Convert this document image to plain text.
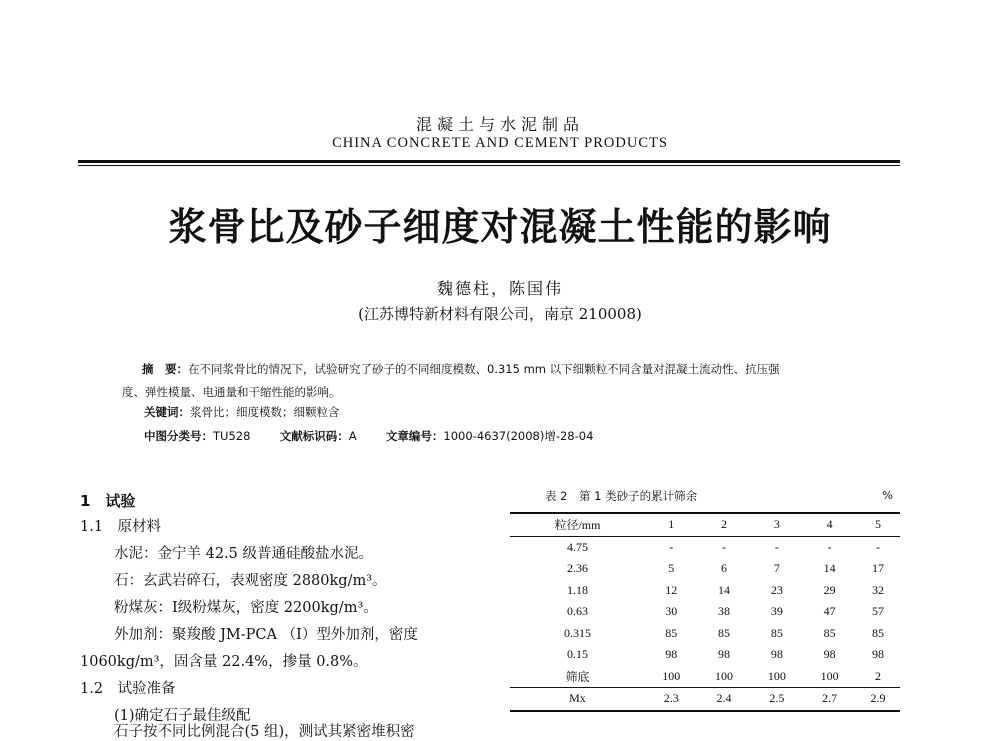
混凝土与水泥制品
CHINA CONCRETE AND CEMENT PRODUCTS
浆骨比及砂子细度对混凝土性能的影响
魏德柱，陈国伟
(江苏博特新材料有限公司，南京 210008)
摘　要：在不同浆骨比的情况下，试验研究了砂子的不同细度模数、0.315 mm 以下细颗粒不同含量对混凝土流动性、抗压强
度、弹性模量、电通量和干缩性能的影响。
关键词：浆骨比；细度模数；细颗粒含
中图分类号：TU528	文献标识码：A	文章编号：1000-4637(2008)增-28-04
1　试验
1.1　原材料
水泥：金宁羊 42.5 级普通硅酸盐水泥。
石：玄武岩碎石，表观密度 2880kg/m³。
粉煤灰：Ⅰ级粉煤灰，密度 2200kg/m³。
外加剂：聚羧酸 JM-PCA （Ⅰ）型外加剂，密度
1060kg/m³，固含量 22.4%，掺量 0.8%。
1.2　试验准备
(1)确定石子最佳级配
石子按不同比例混合(5 组)，测试其紧密堆积密
表 2　第 1 类砂子的累计筛余	%
粒径/mm	1	2	3	4	5
4.75	-	-	-	-	-
2.36	5	6	7	14	17
1.18	12	14	23	29	32
0.63	30	38	39	47	57
0.315	85	85	85	85	85
0.15	98	98	98	98	98
筛底	100	100	100	100	2
Mx	2.3	2.4	2.5	2.7	2.9
